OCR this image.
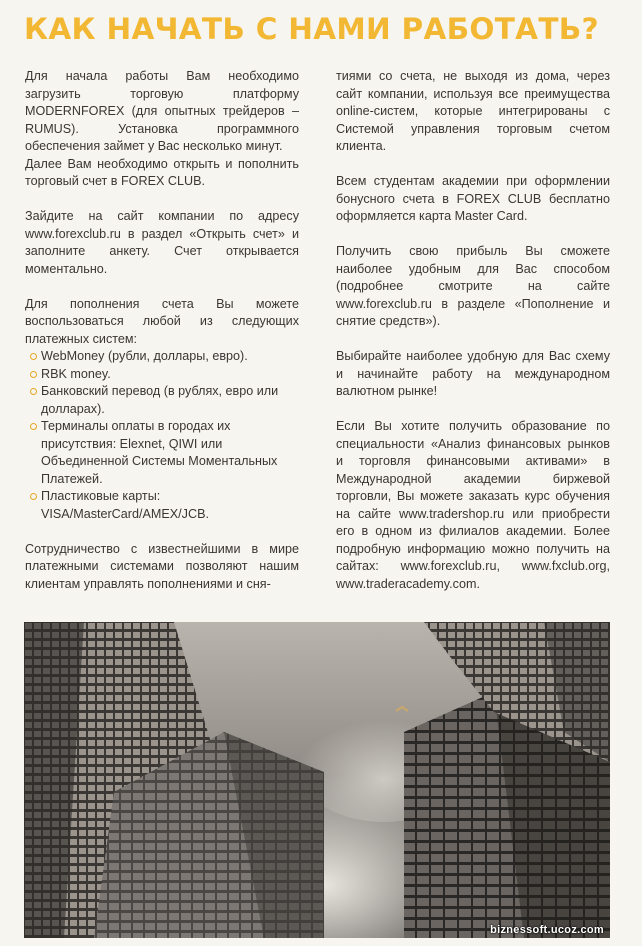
КАК НАЧАТЬ С НАМИ РАБОТАТЬ?

Для начала работы Вам необходимо загрузить торговую платформу MODERNFOREX (для опытных трейдеров – RUMUS). Установка программного обеспечения займет у Вас несколько минут.

Далее Вам необходимо открыть и пополнить торговый счет в FOREX CLUB.

Зайдите на сайт компании по адресу www.forexclub.ru в раздел «Открыть счет» и заполните анкету. Счет открывается моментально.

Для пополнения счета Вы можете воспользоваться любой из следующих платежных систем:

WebMoney (рубли, доллары, евро).
RBK money.
Банковский перевод (в рублях, евро или долларах).
Терминалы оплаты в городах их присутствия: Elexnet, QIWI или Объединенной Системы Моментальных Платежей.
Пластиковые карты: VISA/MasterCard/AMEX/JCB.

Сотрудничество с известнейшими в мире платежными системами позволяют нашим клиентам управлять пополнениями и сня-

тиями со счета, не выходя из дома, через сайт компании, используя все преимущества online-систем, которые интегрированы с Системой управления торговым счетом клиента.

Всем студентам академии при оформлении бонусного счета в FOREX CLUB бесплатно оформляется карта Master Card.

Получить свою прибыль Вы сможете наиболее удобным для Вас способом (подробнее смотрите на сайте www.forexclub.ru в разделе «Пополнение и снятие средств»).

Выбирайте наиболее удобную для Вас схему и начинайте работу на международном валютном рынке!

Если Вы хотите получить образование по специальности «Анализ финансовых рынков и торговля финансовыми активами» в Международной академии биржевой торговли, Вы можете заказать курс обучения на сайте www.tradershop.ru или приобрести его в одном из филиалов академии. Более подробную информацию можно получить на сайтах: www.forexclub.ru, www.fxclub.org, www.traderacademy.com.

biznessoft.ucoz.com
